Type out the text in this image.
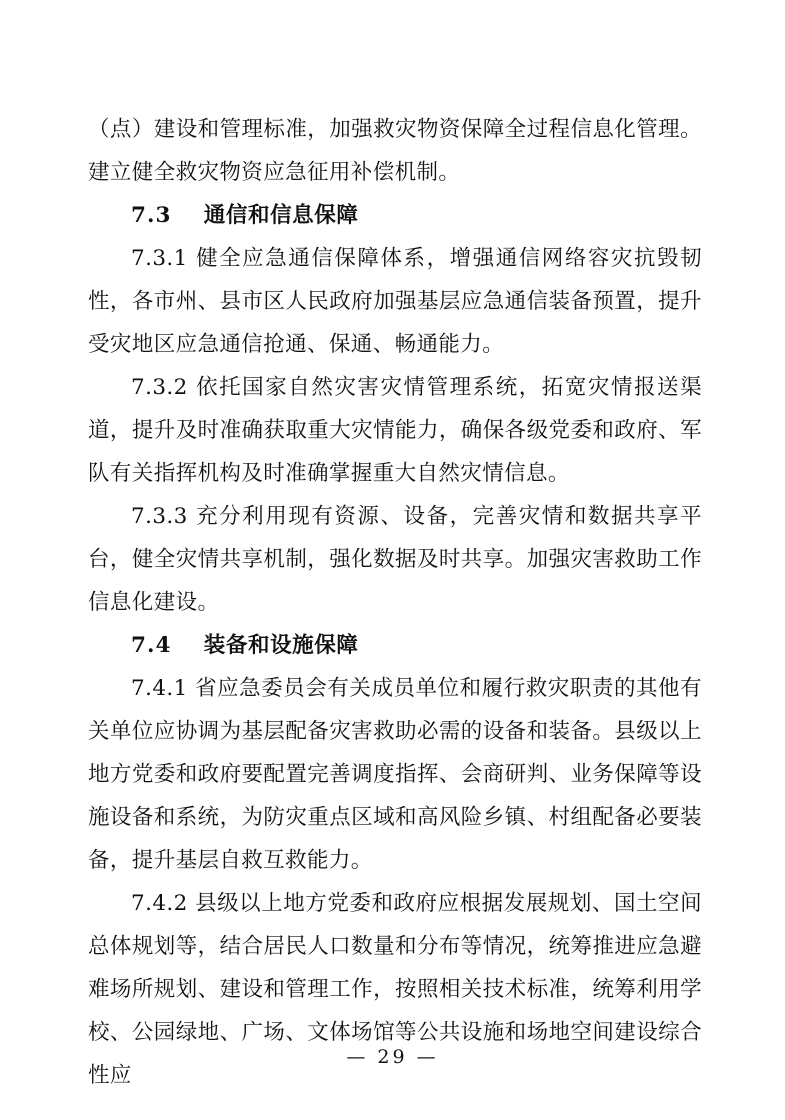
（点）建设和管理标准，加强救灾物资保障全过程信息化管理。建立健全救灾物资应急征用补偿机制。

7.3 通信和信息保障

7.3.1 健全应急通信保障体系，增强通信网络容灾抗毁韧性，各市州、县市区人民政府加强基层应急通信装备预置，提升受灾地区应急通信抢通、保通、畅通能力。

7.3.2 依托国家自然灾害灾情管理系统，拓宽灾情报送渠道，提升及时准确获取重大灾情能力，确保各级党委和政府、军队有关指挥机构及时准确掌握重大自然灾情信息。

7.3.3 充分利用现有资源、设备，完善灾情和数据共享平台，健全灾情共享机制，强化数据及时共享。加强灾害救助工作信息化建设。

7.4 装备和设施保障

7.4.1 省应急委员会有关成员单位和履行救灾职责的其他有关单位应协调为基层配备灾害救助必需的设备和装备。县级以上地方党委和政府要配置完善调度指挥、会商研判、业务保障等设施设备和系统，为防灾重点区域和高风险乡镇、村组配备必要装备，提升基层自救互救能力。

7.4.2 县级以上地方党委和政府应根据发展规划、国土空间总体规划等，结合居民人口数量和分布等情况，统筹推进应急避难场所规划、建设和管理工作，按照相关技术标准，统筹利用学校、公园绿地、广场、文体场馆等公共设施和场地空间建设综合性应

— 29 —
